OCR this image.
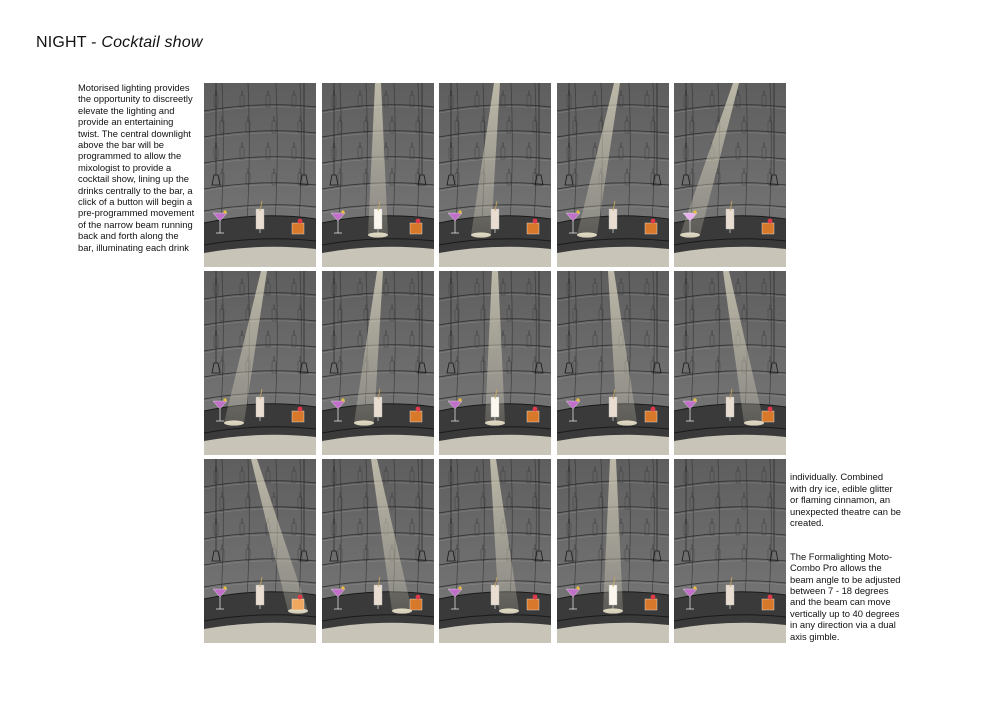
NIGHT - Cocktail show

Motorised lighting provides
the opportunity to discreetly
elevate the lighting and
provide an entertaining
twist. The central downlight
above the bar will be
programmed to allow the
mixologist to provide a
cocktail show, lining up the
drinks centrally to the bar, a
click of a button will begin a
pre-programmed movement
of the narrow beam running
back and forth along the
bar, illuminating each drink

individually. Combined
with dry ice, edible glitter
or flaming cinnamon, an
unexpected theatre can be
created.

The Formalighting Moto-
Combo Pro allows the
beam angle to be adjusted
between 7 - 18 degrees
and the beam can move
vertically up to 40 degrees
in any direction via a dual
axis gimble.
